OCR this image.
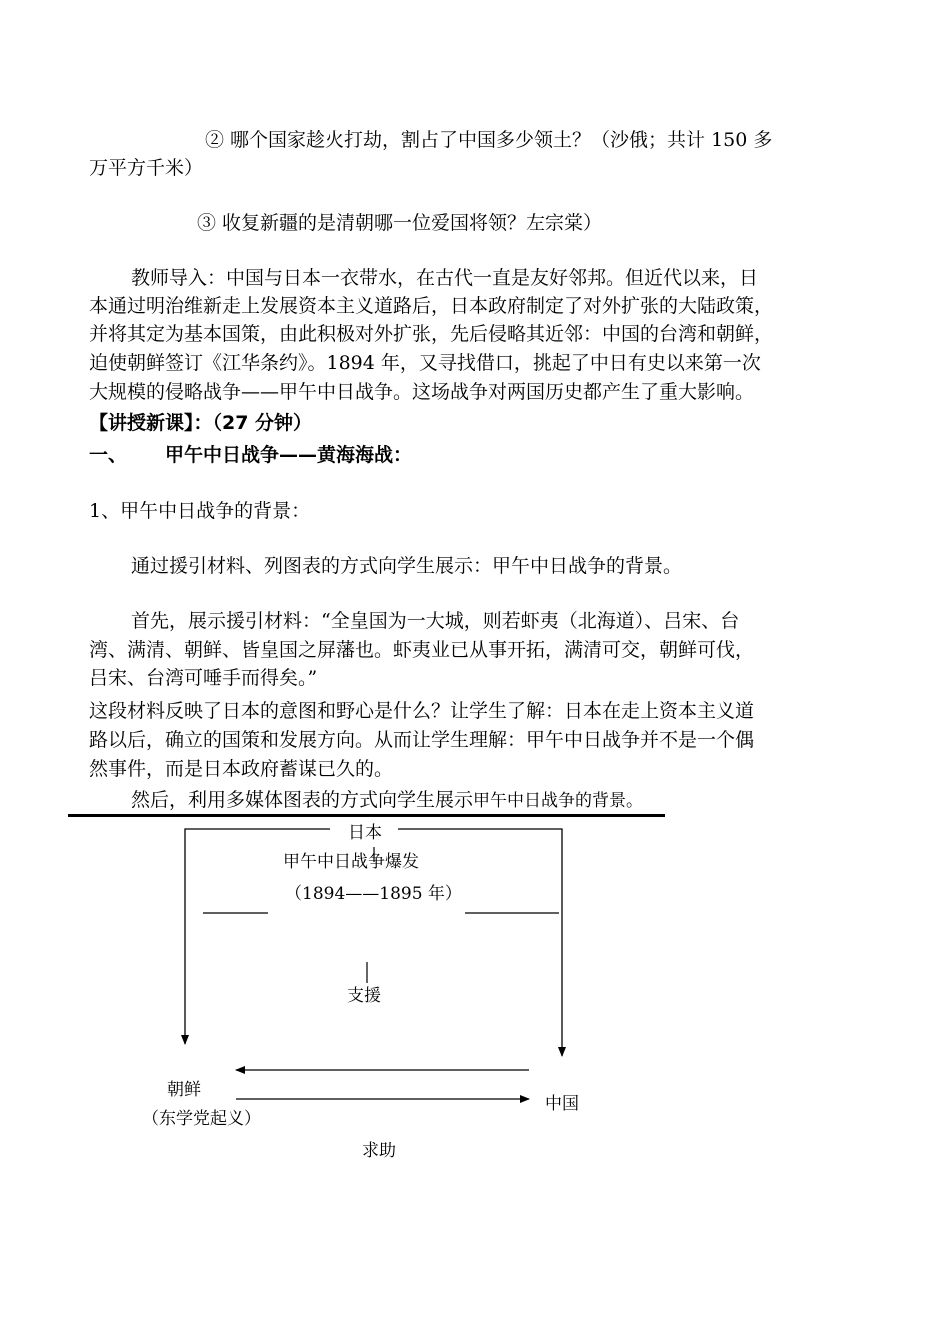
② 哪个国家趁火打劫，割占了中国多少领土？（沙俄；共计 150 多

万平方千米）

③ 收复新疆的是清朝哪一位爱国将领？左宗棠）

教师导入：中国与日本一衣带水，在古代一直是友好邻邦。但近代以来，日

本通过明治维新走上发展资本主义道路后，日本政府制定了对外扩张的大陆政策，

并将其定为基本国策，由此积极对外扩张，先后侵略其近邻：中国的台湾和朝鲜，

迫使朝鲜签订《江华条约》。1894 年，又寻找借口，挑起了中日有史以来第一次

大规模的侵略战争——甲午中日战争。这场战争对两国历史都产生了重大影响。

【讲授新课】：（27 分钟）

一、 甲午中日战争——黄海海战：

1、甲午中日战争的背景：

通过援引材料、列图表的方式向学生展示：甲午中日战争的背景。

首先，展示援引材料：“全皇国为一大城，则若虾夷（北海道）、吕宋、台

湾、满清、朝鲜、皆皇国之屏藩也。虾夷业已从事开拓，满清可交，朝鲜可伐，

吕宋、台湾可唾手而得矣。”

这段材料反映了日本的意图和野心是什么？让学生了解：日本在走上资本主义道

路以后，确立的国策和发展方向。从而让学生理解：甲午中日战争并不是一个偶

然事件，而是日本政府蓄谋已久的。

然后，利用多媒体图表的方式向学生展示甲午中日战争的背景。

日本
甲午中日战争爆发
（1894——1895 年）
支援
朝鲜
（东学党起义）
中国
求助
